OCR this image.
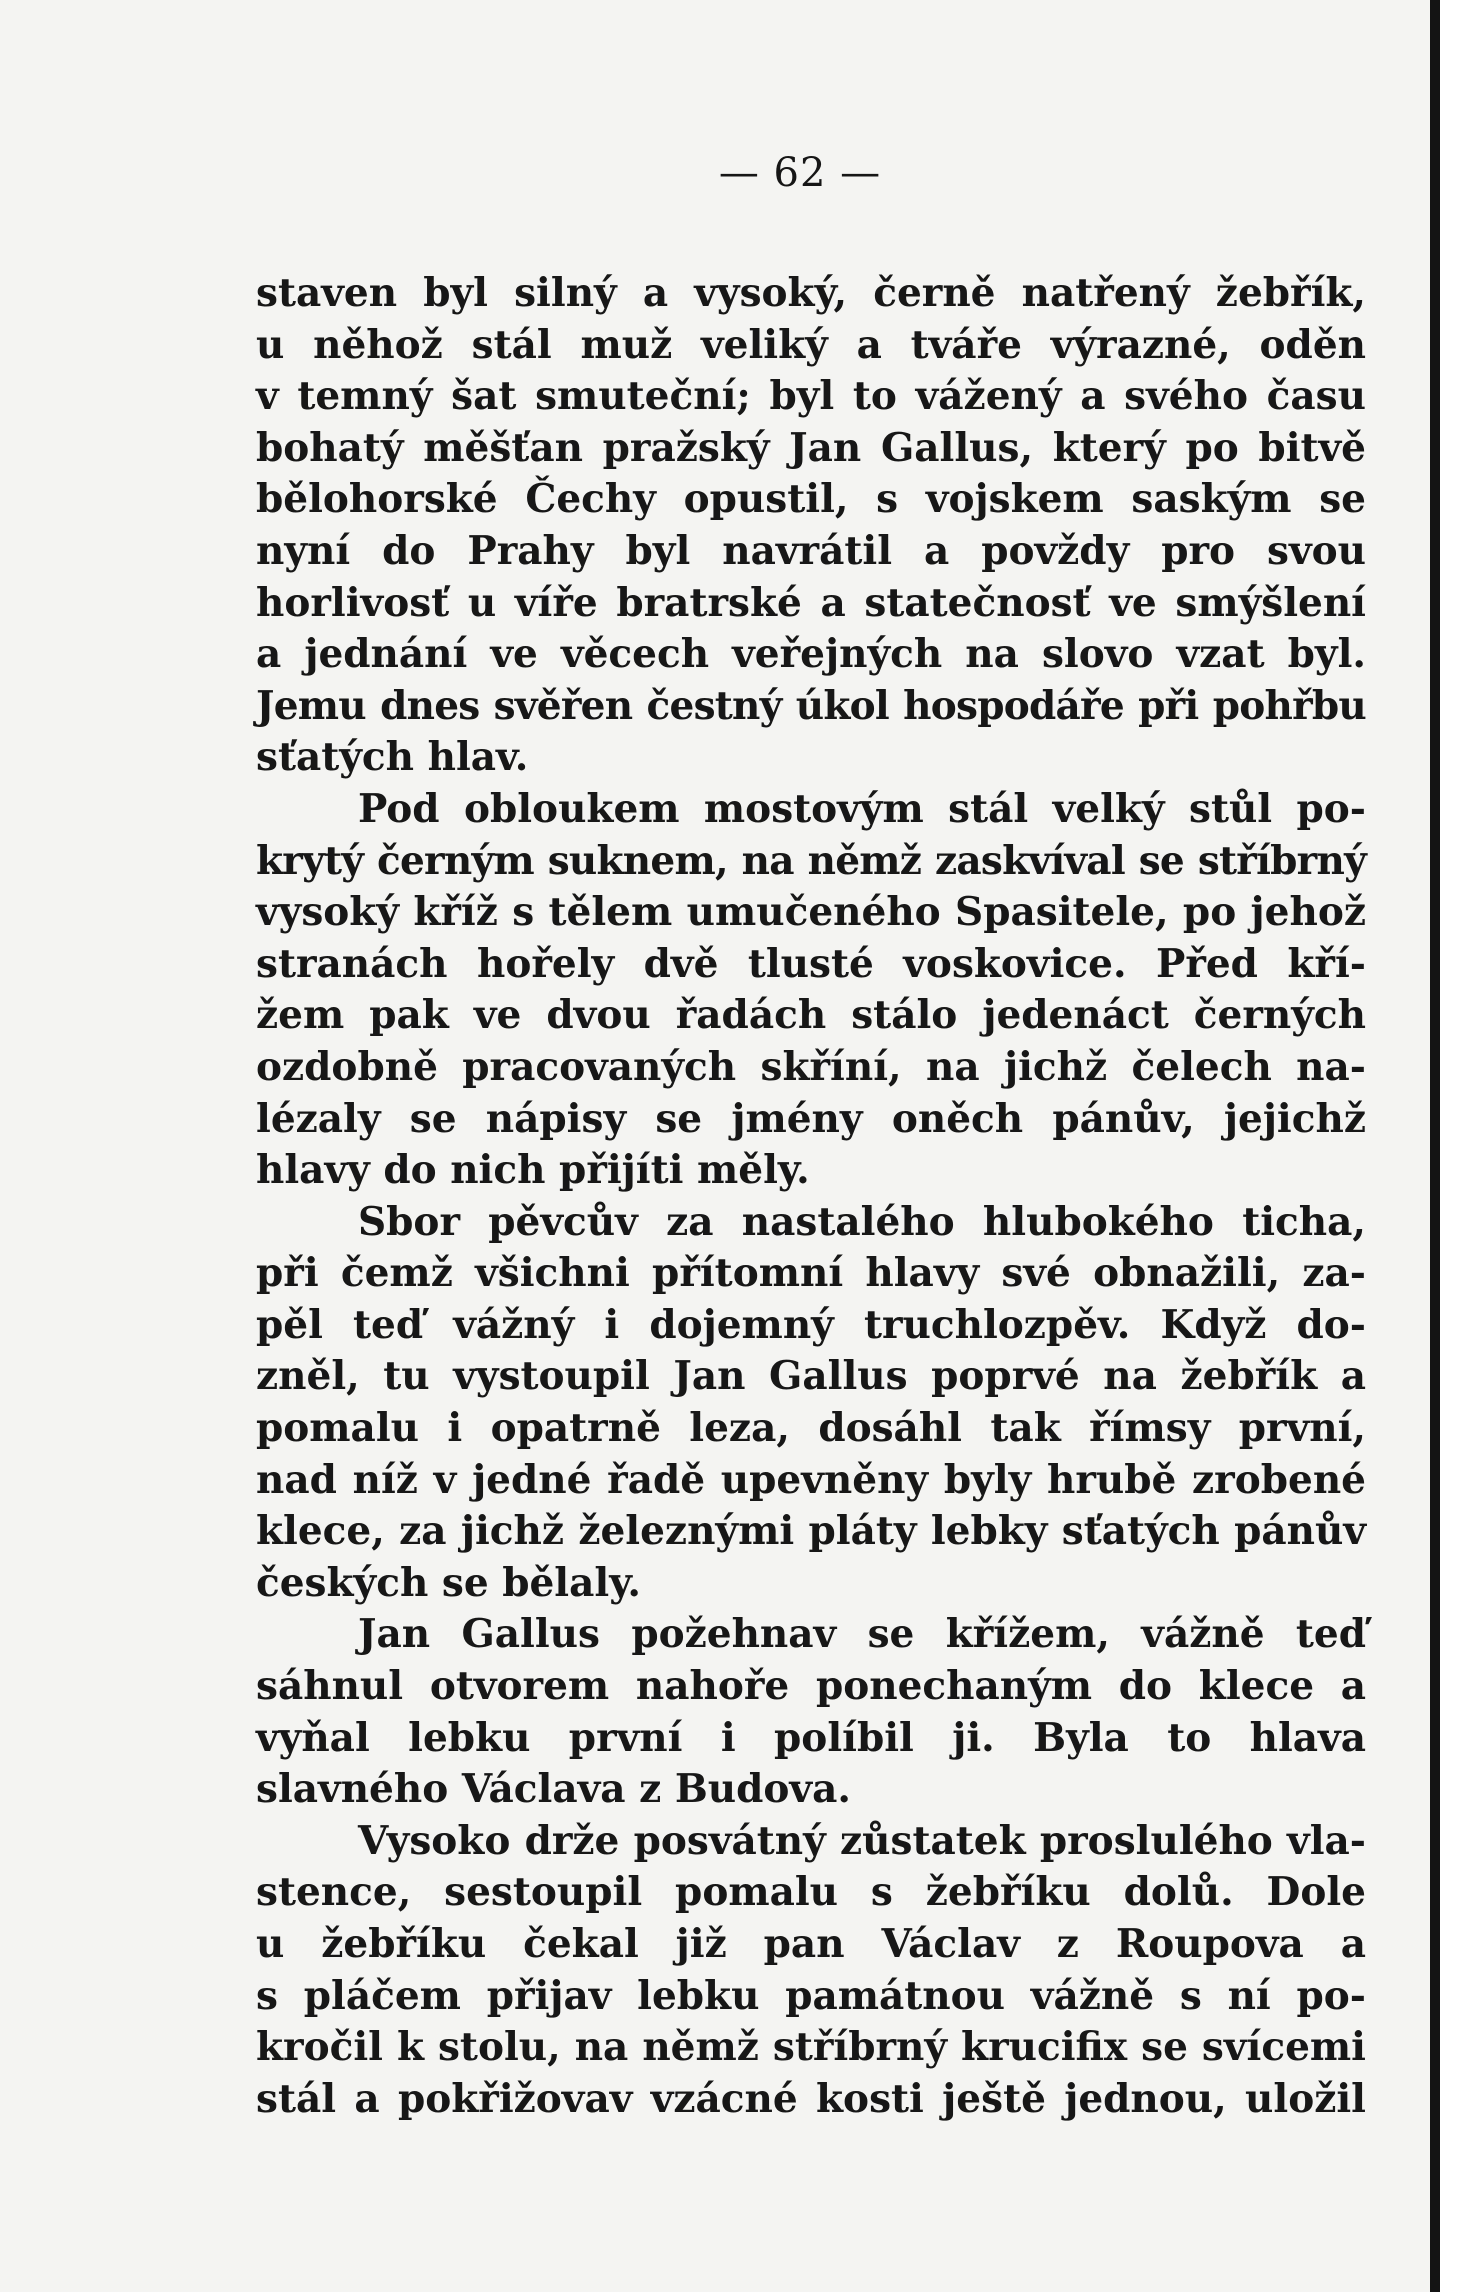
— 62 —
staven byl silný a vysoký, černě natřený žebřík,
u něhož stál muž veliký a tváře výrazné, oděn
v temný šat smuteční; byl to vážený a svého času
bohatý měšťan pražský Jan Gallus, který po bitvě
bělohorské Čechy opustil, s vojskem saským se
nyní do Prahy byl navrátil a povždy pro svou
horlivosť u víře bratrské a statečnosť ve smýšlení
a jednání ve věcech veřejných na slovo vzat byl.
Jemu dnes svěřen čestný úkol hospodáře při pohřbu
sťatých hlav.
Pod obloukem mostovým stál velký stůl po-
krytý černým suknem, na němž zaskvíval se stříbrný
vysoký kříž s tělem umučeného Spasitele, po jehož
stranách hořely dvě tlusté voskovice. Před kří-
žem pak ve dvou řadách stálo jedenáct černých
ozdobně pracovaných skříní, na jichž čelech na-
lézaly se nápisy se jmény oněch pánův, jejichž
hlavy do nich přijíti měly.
Sbor pěvcův za nastalého hlubokého ticha,
při čemž všichni přítomní hlavy své obnažili, za-
pěl teď vážný i dojemný truchlozpěv. Když do-
zněl, tu vystoupil Jan Gallus poprvé na žebřík a
pomalu i opatrně leza, dosáhl tak římsy první,
nad níž v jedné řadě upevněny byly hrubě zrobené
klece, za jichž železnými pláty lebky sťatých pánův
českých se bělaly.
Jan Gallus požehnav se křížem, vážně teď
sáhnul otvorem nahoře ponechaným do klece a
vyňal lebku první i políbil ji. Byla to hlava
slavného Václava z Budova.
Vysoko drže posvátný zůstatek proslulého vla-
stence, sestoupil pomalu s žebříku dolů. Dole
u žebříku čekal již pan Václav z Roupova a
s pláčem přijav lebku památnou vážně s ní po-
kročil k stolu, na němž stříbrný krucifix se svícemi
stál a pokřižovav vzácné kosti ještě jednou, uložil
